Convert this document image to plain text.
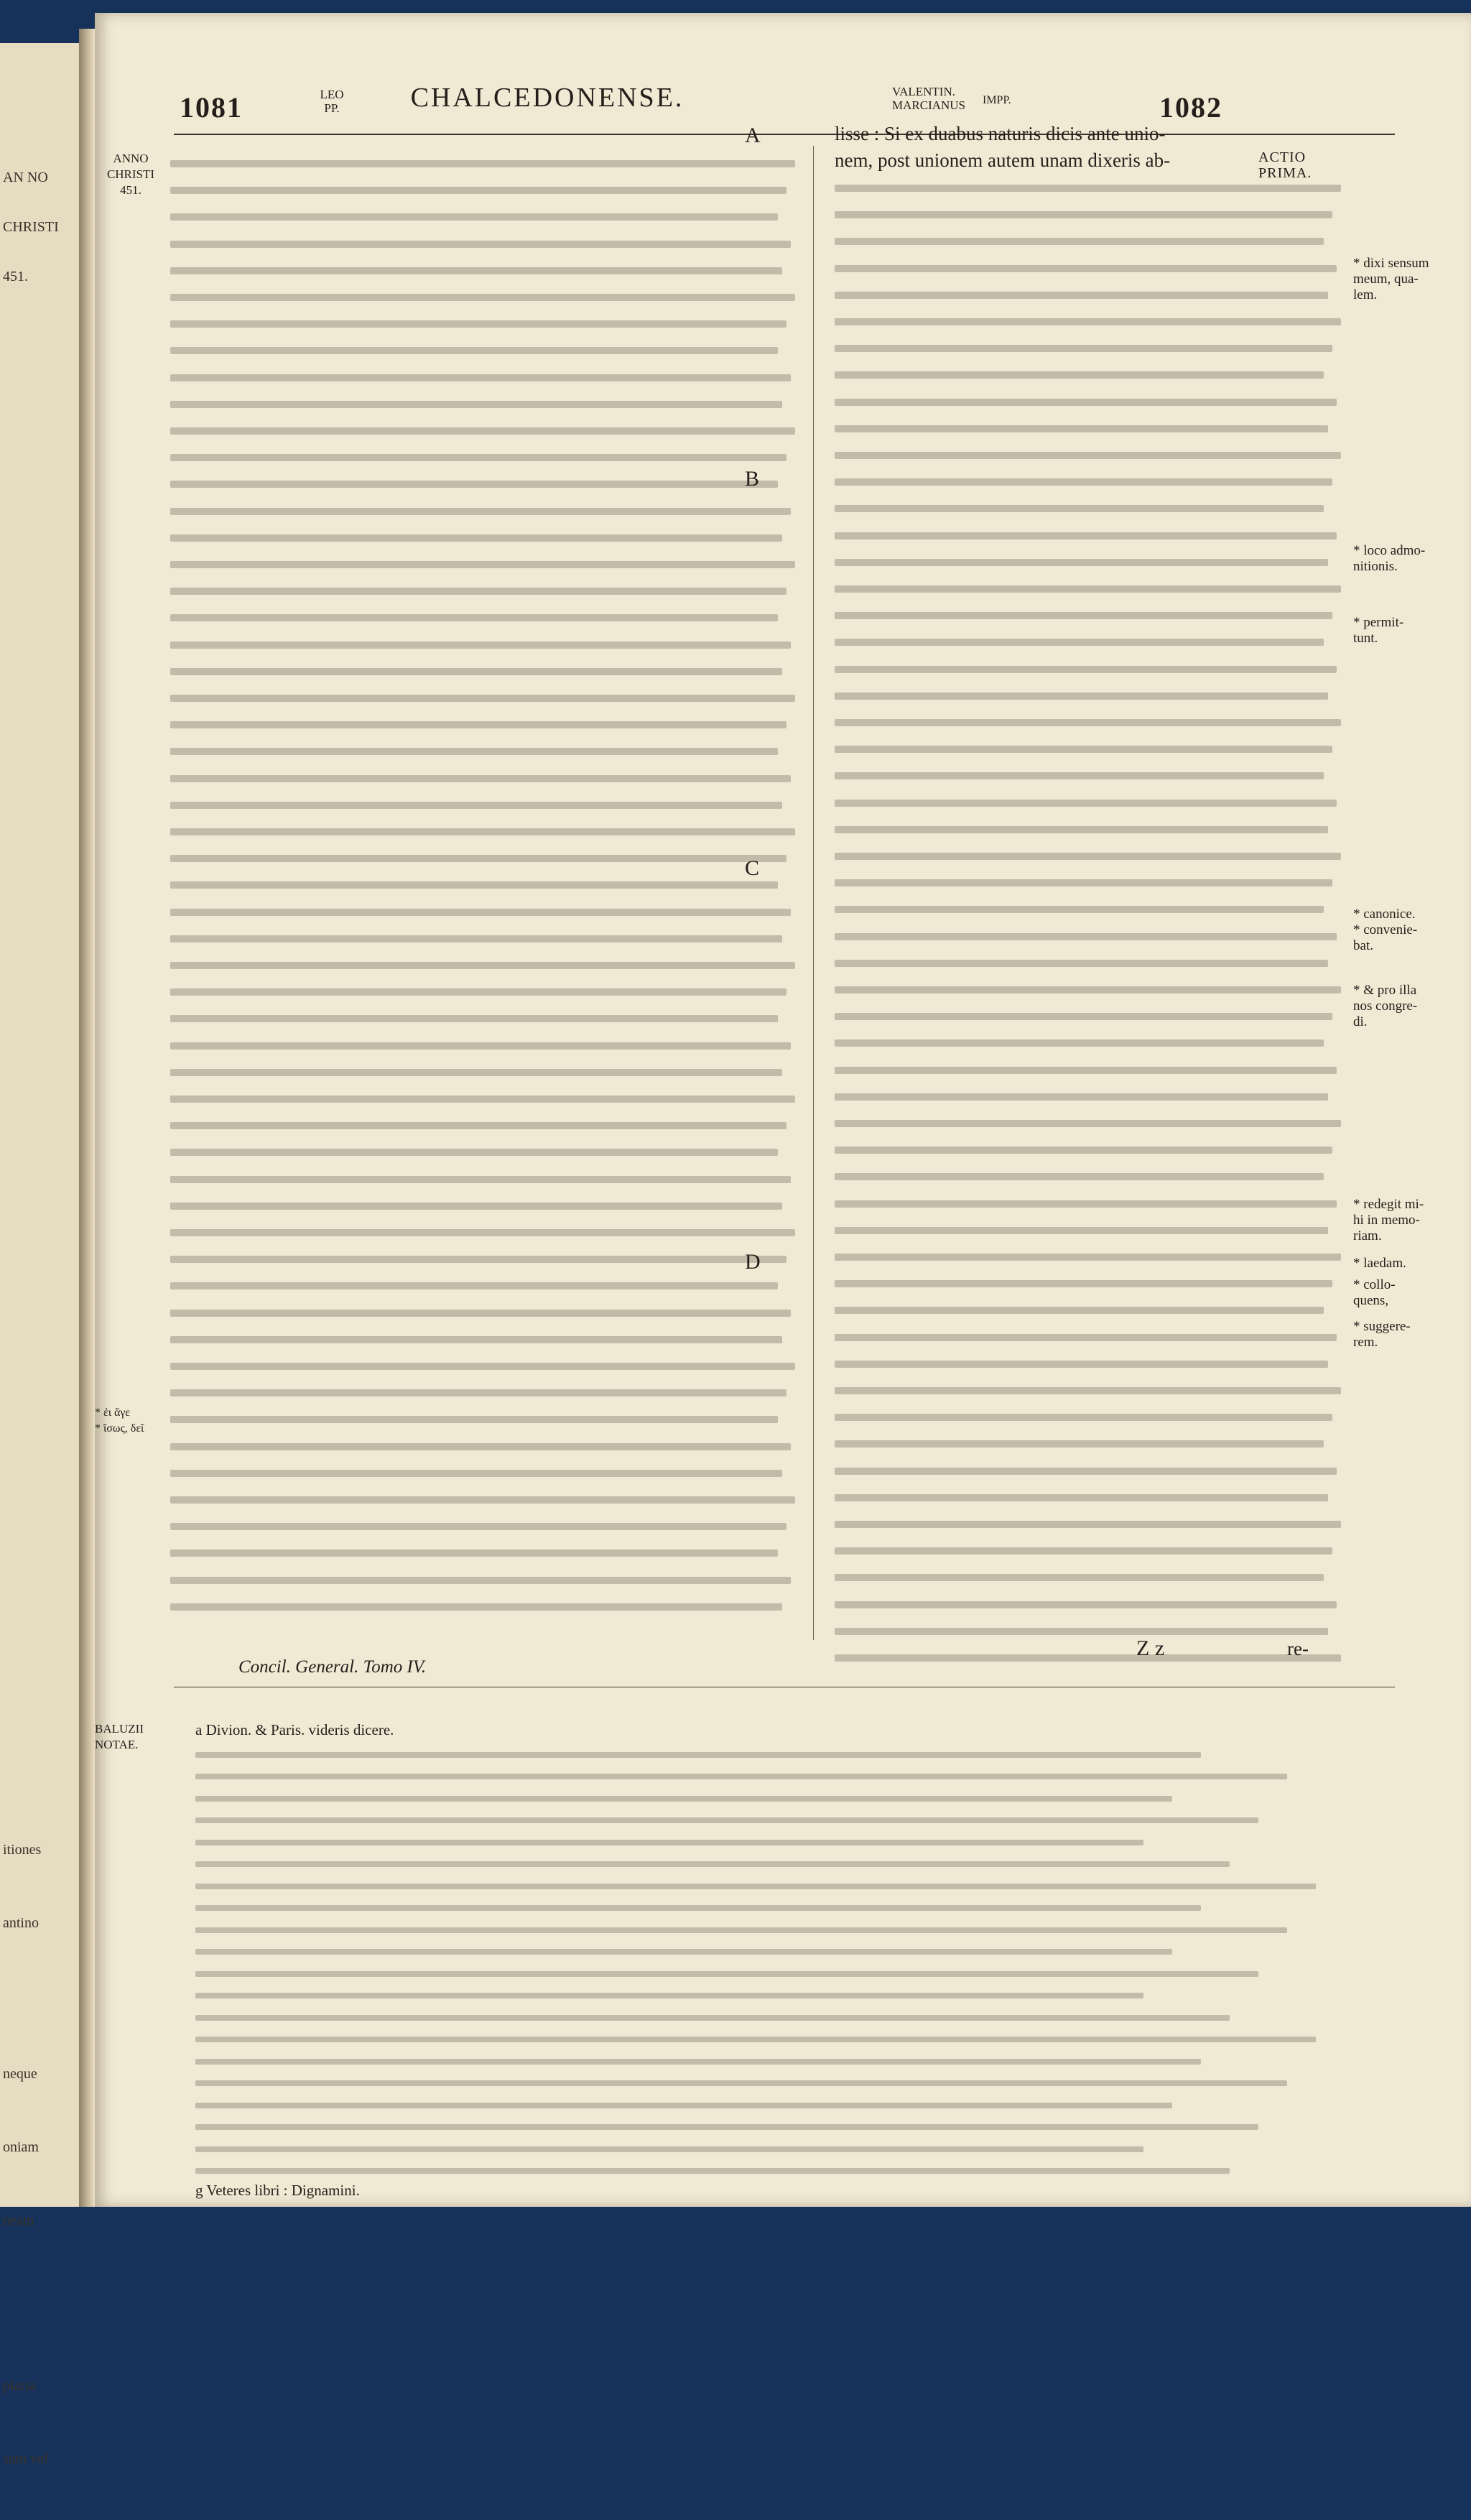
AN NO

CHRISTI

451.

itiones

antino

neque

oniam

neam

plaria

sum vel

1081	LEO
PP.	CHALCEDONENSE.	VALENTIN.
MARCIANUS IMPP.	1082
ANNO
CHRISTI
451.
* ἐι ἄγε
* ἴσως, δεῖ
A
B
C
D
lisse : Si ex duabus naturis dicis ante unio-
nem, post unionem autem unam dixeris ab-	ACTIO
PRIMA.
* dixi sensum
meum, qua-
lem.
* loco admo-
nitionis.
* permit-
tunt.
* canonice.
* convenie-
bat.
* & pro illa
nos congre-
di.
* redegit mi-
hi in memo-
riam.
* laedam.
* collo-
quens,
* suggere-
rem.
Concil. General. Tomo IV.
Z z	re-
BALUZII
NOTAE.
a Divion. & Paris. videris dicere.
g Veteres libri : Dignamini.
